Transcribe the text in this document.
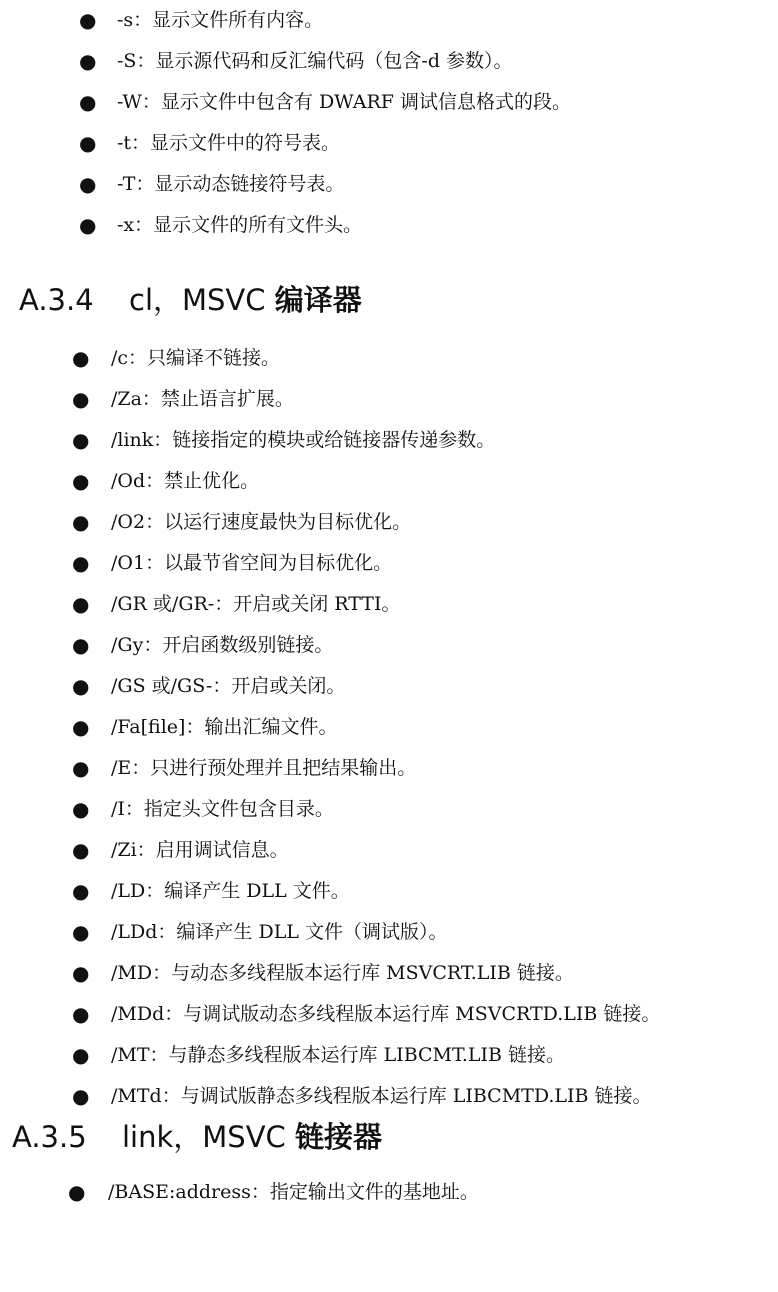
● -s：显示文件所有内容。
● -S：显示源代码和反汇编代码（包含-d 参数）。
● -W：显示文件中包含有 DWARF 调试信息格式的段。
● -t：显示文件中的符号表。
● -T：显示动态链接符号表。
● -x：显示文件的所有文件头。
A.3.4 cl，MSVC 编译器
● /c：只编译不链接。
● /Za：禁止语言扩展。
● /link：链接指定的模块或给链接器传递参数。
● /Od：禁止优化。
● /O2：以运行速度最快为目标优化。
● /O1：以最节省空间为目标优化。
● /GR 或/GR-：开启或关闭 RTTI。
● /Gy：开启函数级别链接。
● /GS 或/GS-：开启或关闭。
● /Fa[file]：输出汇编文件。
● /E：只进行预处理并且把结果输出。
● /I：指定头文件包含目录。
● /Zi：启用调试信息。
● /LD：编译产生 DLL 文件。
● /LDd：编译产生 DLL 文件（调试版）。
● /MD：与动态多线程版本运行库 MSVCRT.LIB 链接。
● /MDd：与调试版动态多线程版本运行库 MSVCRTD.LIB 链接。
● /MT：与静态多线程版本运行库 LIBCMT.LIB 链接。
● /MTd：与调试版静态多线程版本运行库 LIBCMTD.LIB 链接。
A.3.5 link，MSVC 链接器
● /BASE:address：指定输出文件的基地址。
